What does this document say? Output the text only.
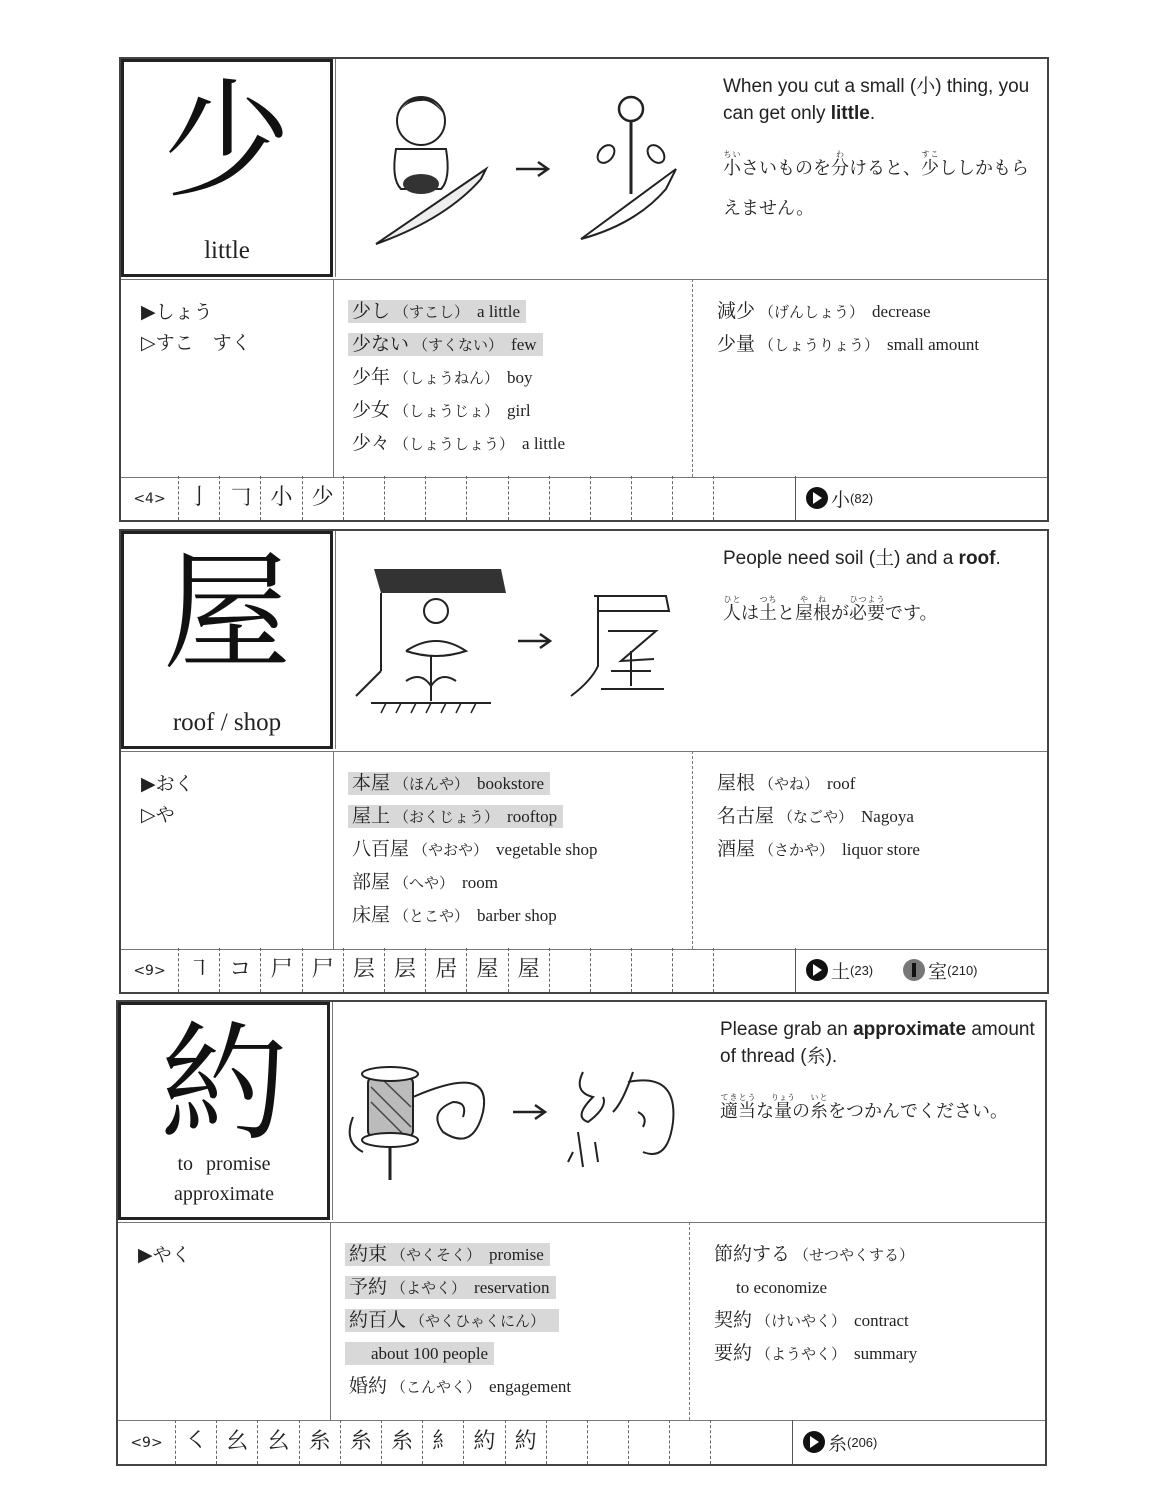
少
little
When you cut a small (小) thing, you can get only little.
小ちいさいものを分わけると、少すこししかもらえません。
▶しょう
▷すこ　すく
少し （すこし） a little
少ない （すくない） few
少年 （しょうねん） boy
少女 （しょうじょ） girl
少々 （しょうしょう） a little
減少 （げんしょう） decrease
少量 （しょうりょう） small amount
<4>	亅 𠃌 小 少	小 (82)
屋
roof / shop
People need soil (土) and a roof.
人ひとは土つちと屋や根ねが必要ひつようです。
▶おく
▷や
本屋 （ほんや） bookstore
屋上 （おくじょう） rooftop
八百屋 （やおや） vegetable shop
部屋 （へや） room
床屋 （とこや） barber shop
屋根 （やね） roof
名古屋 （なごや） Nagoya
酒屋 （さかや） liquor store
<9>	㇕ コ 尸 尸 层 层 居 屋 屋	土 (23)	室 (210)
約
to promise　approximate
Please grab an approximate amount of thread (糸).
適当てきとうな量りょうの糸いとをつかんでください。
▶やく	約束 （やくそく） promise
予約 （よやく） reservation
約百人 （やくひゃくにん）
about 100 people
婚約 （こんやく） engagement
節約する （せつやくする）
to economize
契約 （けいやく） contract
要約 （ようやく） summary
<9>	㇛ 幺 幺 糸 糸 糸 糹 約 約	糸 (206)
